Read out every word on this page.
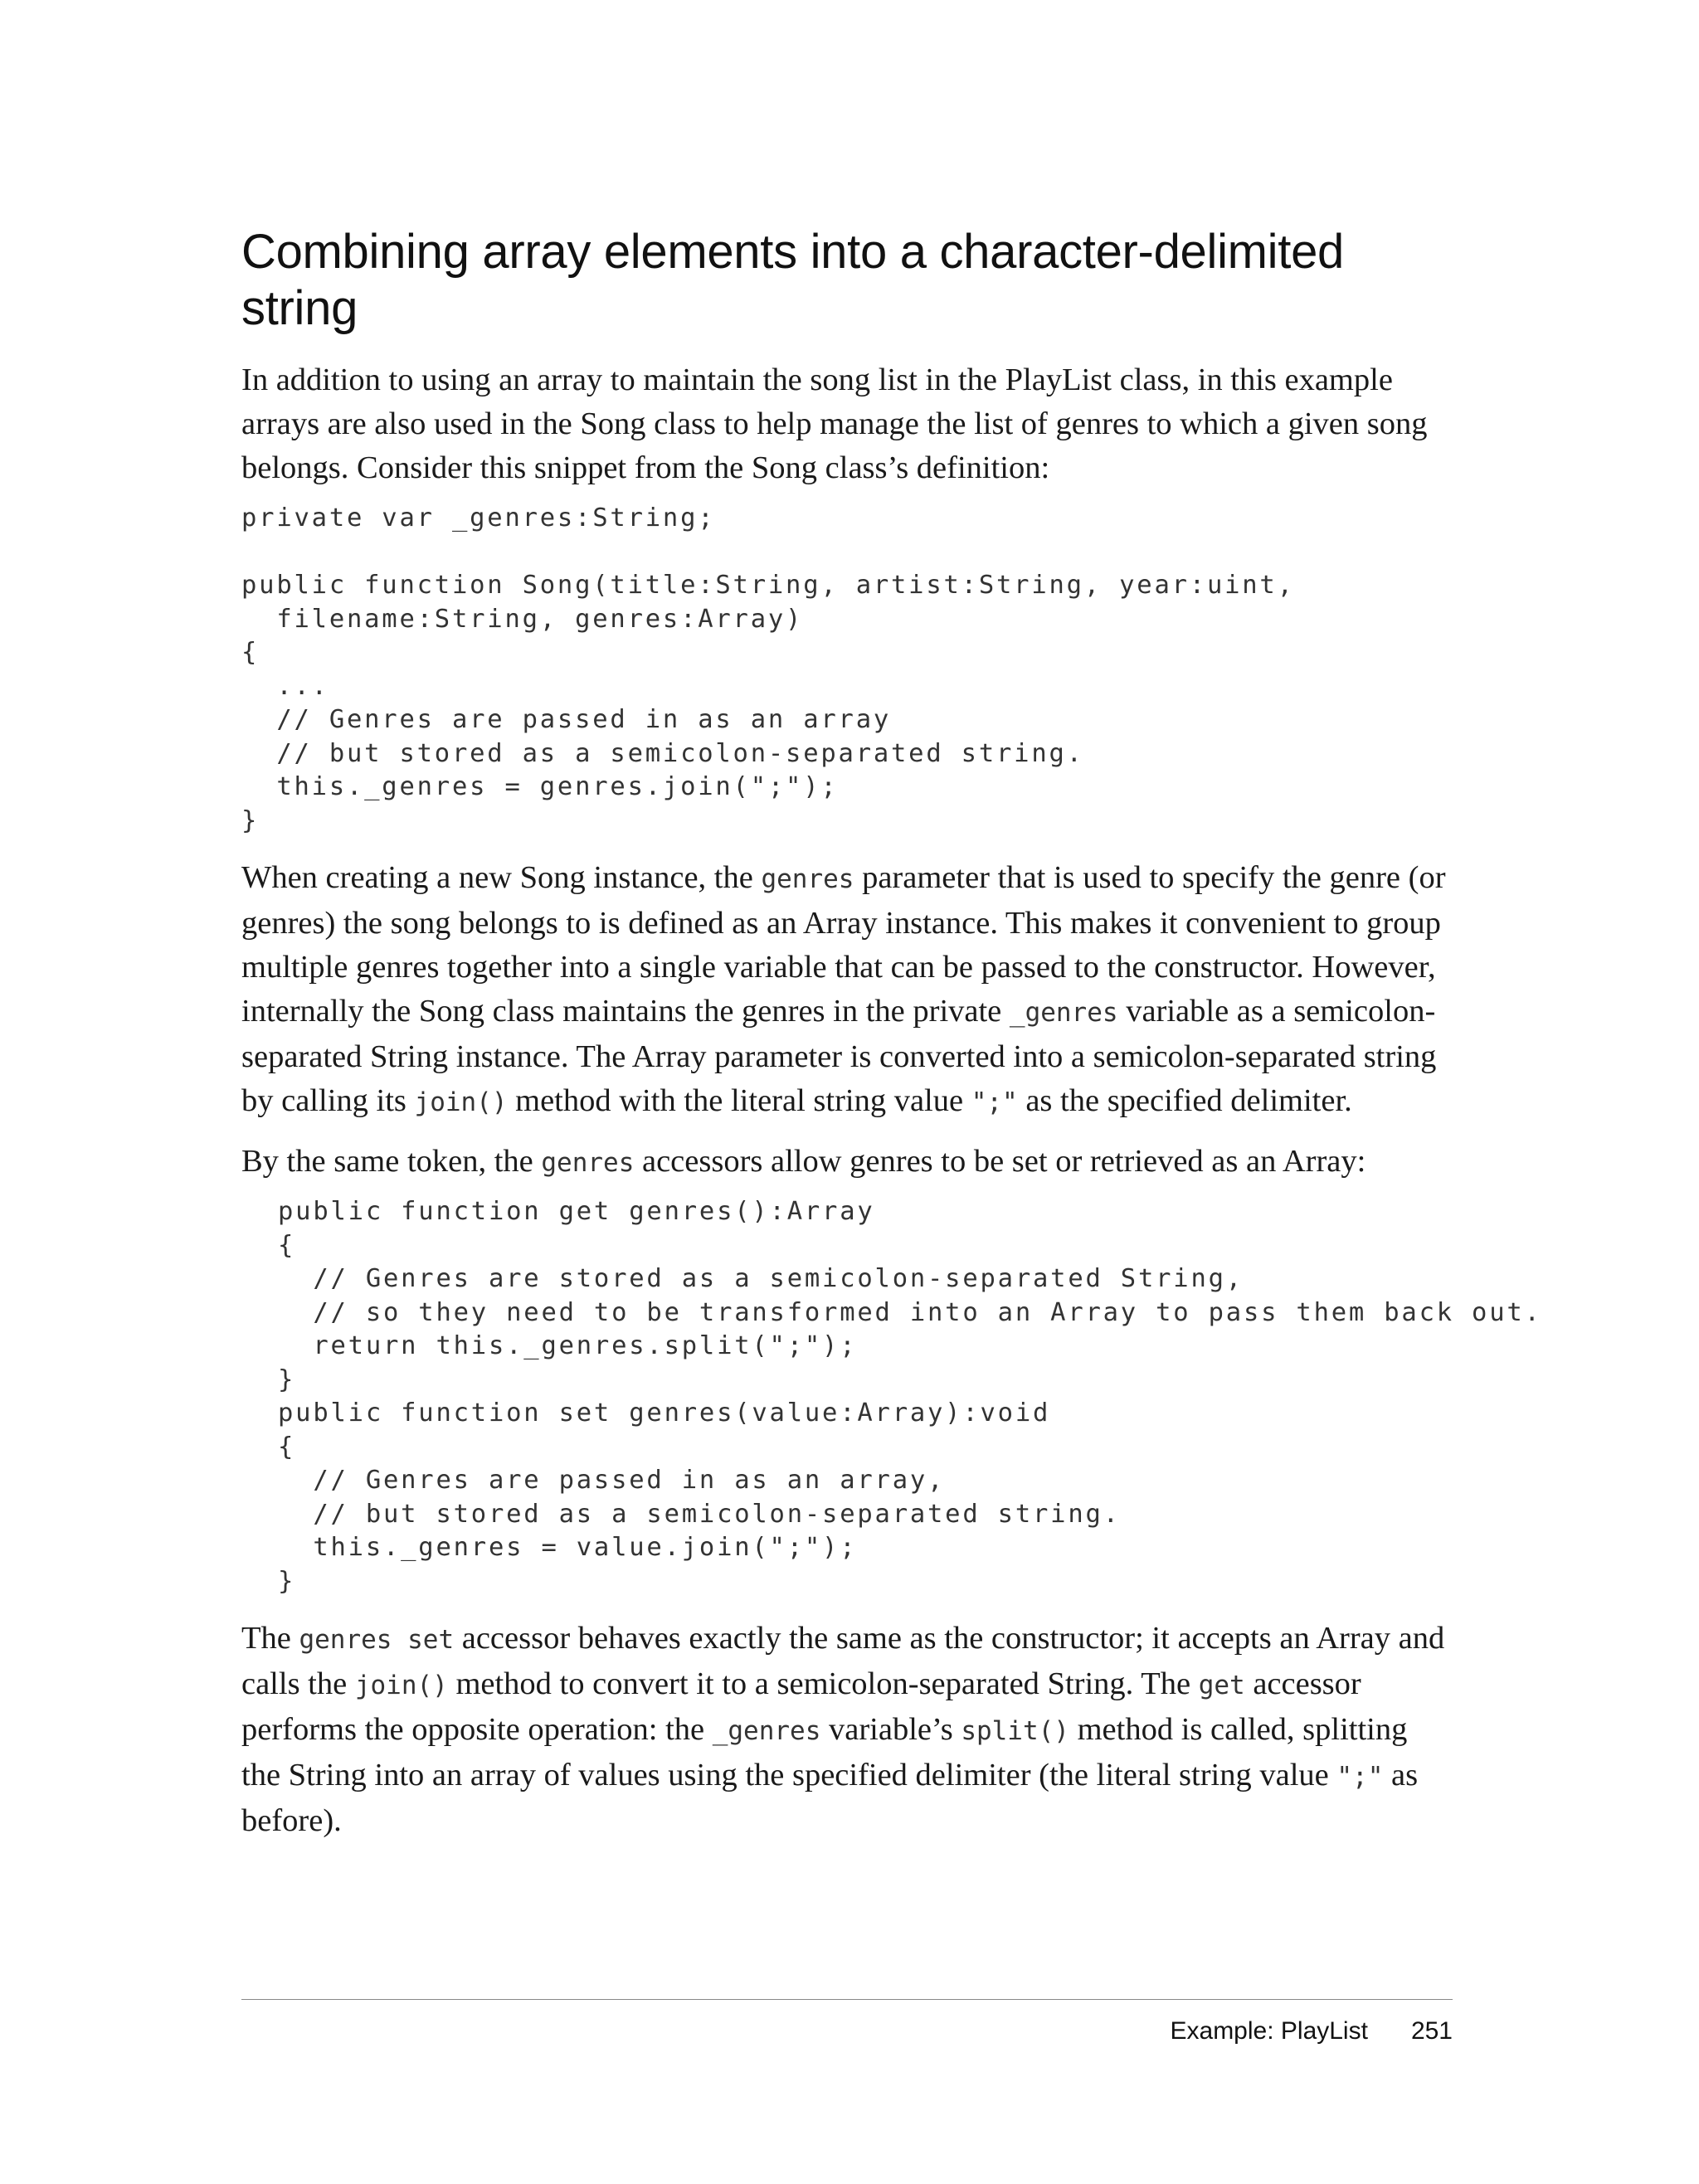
Combining array elements into a character-delimited string

In addition to using an array to maintain the song list in the PlayList class, in this example arrays are also used in the Song class to help manage the list of genres to which a given song belongs. Consider this snippet from the Song class’s definition:

private var _genres:String;

public function Song(title:String, artist:String, year:uint,
filename:String, genres:Array)
{
...
// Genres are passed in as an array
// but stored as a semicolon-separated string.
this._genres = genres.join(";");
}

When creating a new Song instance, the genres parameter that is used to specify the genre (or genres) the song belongs to is defined as an Array instance. This makes it convenient to group multiple genres together into a single variable that can be passed to the constructor. However, internally the Song class maintains the genres in the private _genres variable as a semicolon-separated String instance. The Array parameter is converted into a semicolon-separated string by calling its join() method with the literal string value ";" as the specified delimiter.

By the same token, the genres accessors allow genres to be set or retrieved as an Array:

public function get genres():Array
{
// Genres are stored as a semicolon-separated String,
// so they need to be transformed into an Array to pass them back out.
return this._genres.split(";");
}
public function set genres(value:Array):void
{
// Genres are passed in as an array,
// but stored as a semicolon-separated string.
this._genres = value.join(";");
}

The genres set accessor behaves exactly the same as the constructor; it accepts an Array and calls the join() method to convert it to a semicolon-separated String. The get accessor performs the opposite operation: the _genres variable’s split() method is called, splitting the String into an array of values using the specified delimiter (the literal string value ";" as before).

Example: PlayList 251
